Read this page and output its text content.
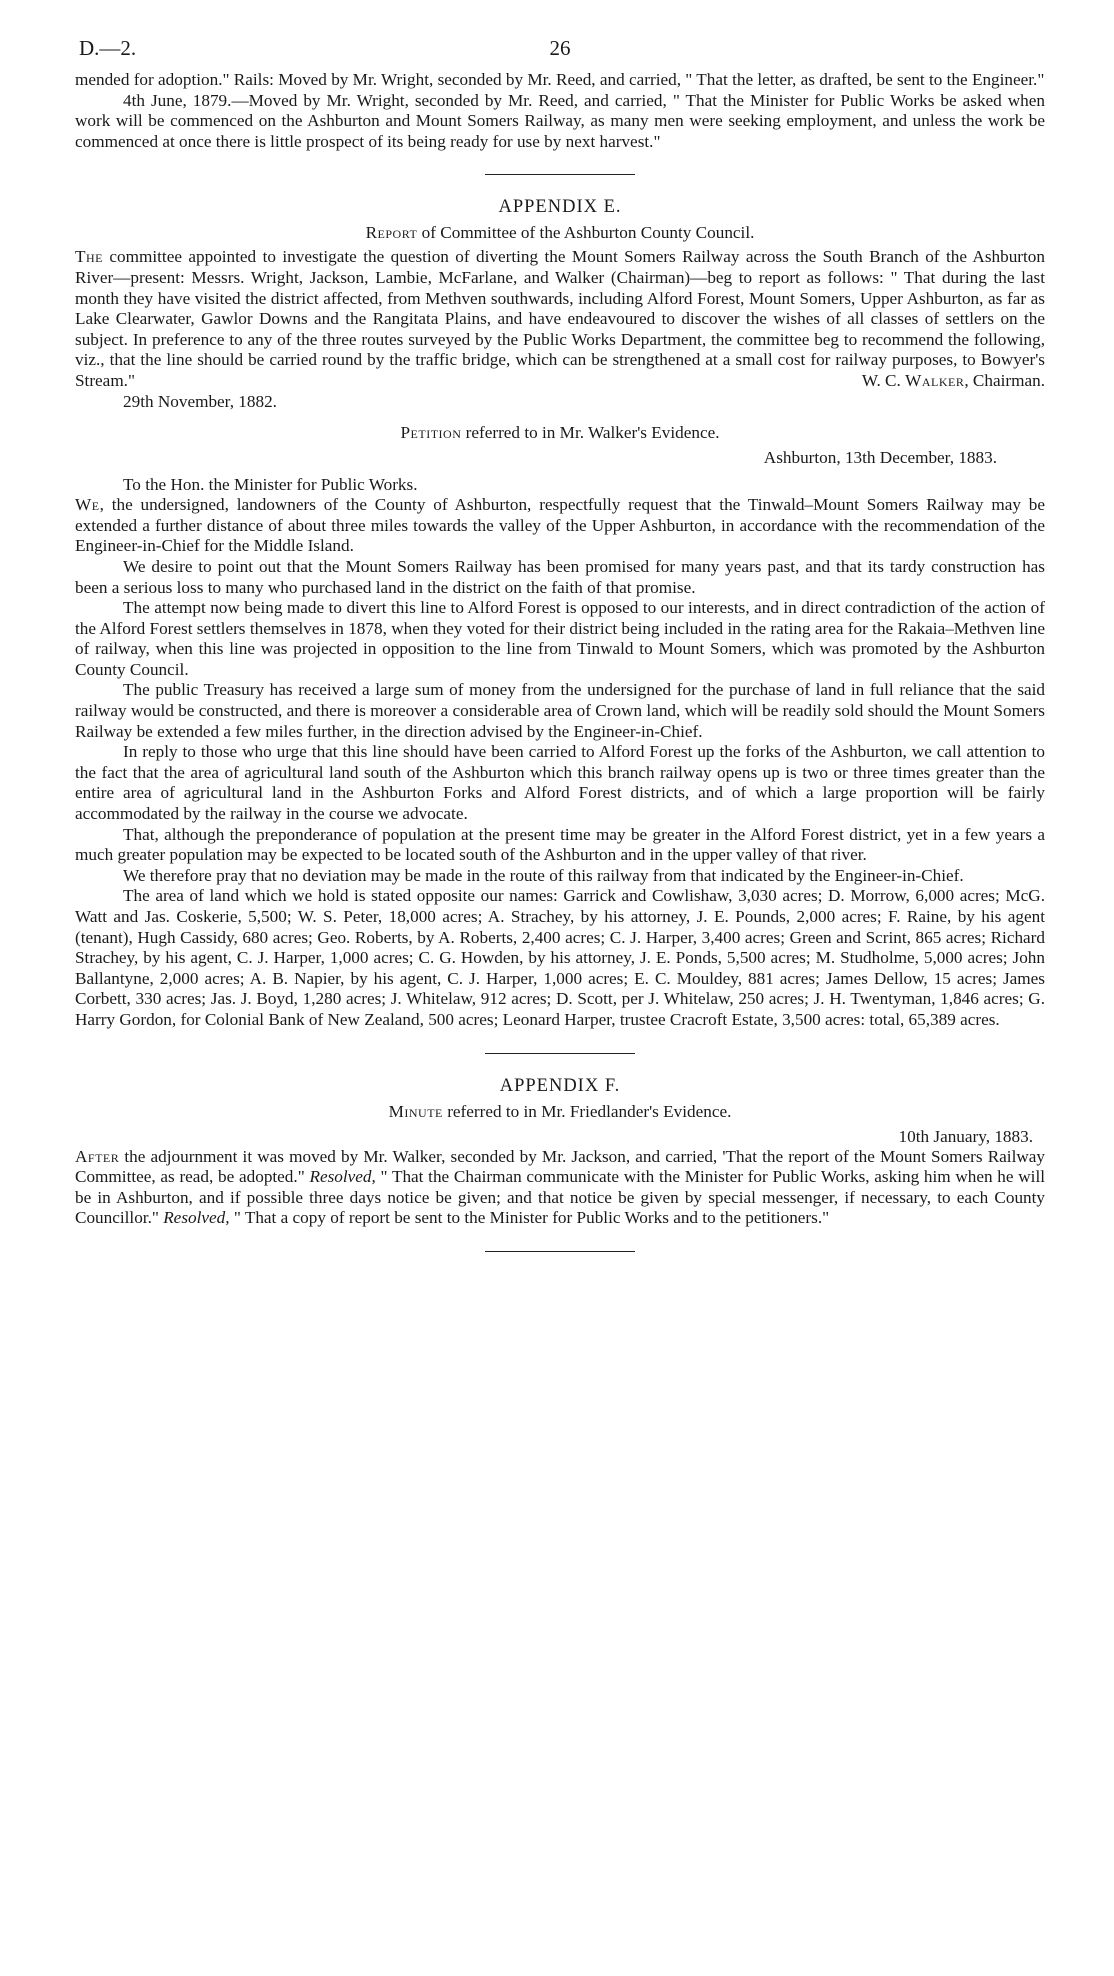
D.—2.	26

mended for adoption." Rails: Moved by Mr. Wright, seconded by Mr. Reed, and carried, " That the letter, as drafted, be sent to the Engineer."

4th June, 1879.—Moved by Mr. Wright, seconded by Mr. Reed, and carried, " That the Minister for Public Works be asked when work will be commenced on the Ashburton and Mount Somers Railway, as many men were seeking employment, and unless the work be commenced at once there is little prospect of its being ready for use by next harvest."

APPENDIX E.
Report of Committee of the Ashburton County Council.

The committee appointed to investigate the question of diverting the Mount Somers Railway across the South Branch of the Ashburton River—present: Messrs. Wright, Jackson, Lambie, McFarlane, and Walker (Chairman)—beg to report as follows: " That during the last month they have visited the district affected, from Methven southwards, including Alford Forest, Mount Somers, Upper Ashburton, as far as Lake Clearwater, Gawlor Downs and the Rangitata Plains, and have endeavoured to discover the wishes of all classes of settlers on the subject. In preference to any of the three routes surveyed by the Public Works Department, the committee beg to recommend the following, viz., that the line should be carried round by the traffic bridge, which can be strengthened at a small cost for railway purposes, to Bowyer's Stream."	W. C. Walker, Chairman.

29th November, 1882.
Petition referred to in Mr. Walker's Evidence.
Ashburton, 13th December, 1883.
To the Hon. the Minister for Public Works.

We, the undersigned, landowners of the County of Ashburton, respectfully request that the Tinwald–Mount Somers Railway may be extended a further distance of about three miles towards the valley of the Upper Ashburton, in accordance with the recommendation of the Engineer-in-Chief for the Middle Island.

We desire to point out that the Mount Somers Railway has been promised for many years past, and that its tardy construction has been a serious loss to many who purchased land in the district on the faith of that promise.

The attempt now being made to divert this line to Alford Forest is opposed to our interests, and in direct contradiction of the action of the Alford Forest settlers themselves in 1878, when they voted for their district being included in the rating area for the Rakaia–Methven line of railway, when this line was projected in opposition to the line from Tinwald to Mount Somers, which was promoted by the Ashburton County Council.

The public Treasury has received a large sum of money from the undersigned for the purchase of land in full reliance that the said railway would be constructed, and there is moreover a considerable area of Crown land, which will be readily sold should the Mount Somers Railway be extended a few miles further, in the direction advised by the Engineer-in-Chief.

In reply to those who urge that this line should have been carried to Alford Forest up the forks of the Ashburton, we call attention to the fact that the area of agricultural land south of the Ashburton which this branch railway opens up is two or three times greater than the entire area of agricultural land in the Ashburton Forks and Alford Forest districts, and of which a large proportion will be fairly accommodated by the railway in the course we advocate.

That, although the preponderance of population at the present time may be greater in the Alford Forest district, yet in a few years a much greater population may be expected to be located south of the Ashburton and in the upper valley of that river.

We therefore pray that no deviation may be made in the route of this railway from that indicated by the Engineer-in-Chief.

The area of land which we hold is stated opposite our names: Garrick and Cowlishaw, 3,030 acres; D. Morrow, 6,000 acres; McG. Watt and Jas. Coskerie, 5,500; W. S. Peter, 18,000 acres; A. Strachey, by his attorney, J. E. Pounds, 2,000 acres; F. Raine, by his agent (tenant), Hugh Cassidy, 680 acres; Geo. Roberts, by A. Roberts, 2,400 acres; C. J. Harper, 3,400 acres; Green and Scrint, 865 acres; Richard Strachey, by his agent, C. J. Harper, 1,000 acres; C. G. Howden, by his attorney, J. E. Ponds, 5,500 acres; M. Studholme, 5,000 acres; John Ballantyne, 2,000 acres; A. B. Napier, by his agent, C. J. Harper, 1,000 acres; E. C. Mouldey, 881 acres; James Dellow, 15 acres; James Corbett, 330 acres; Jas. J. Boyd, 1,280 acres; J. Whitelaw, 912 acres; D. Scott, per J. Whitelaw, 250 acres; J. H. Twentyman, 1,846 acres; G. Harry Gordon, for Colonial Bank of New Zealand, 500 acres; Leonard Harper, trustee Cracroft Estate, 3,500 acres: total, 65,389 acres.

APPENDIX F.
Minute referred to in Mr. Friedlander's Evidence.
10th January, 1883.

After the adjournment it was moved by Mr. Walker, seconded by Mr. Jackson, and carried, 'That the report of the Mount Somers Railway Committee, as read, be adopted." Resolved, " That the Chairman communicate with the Minister for Public Works, asking him when he will be in Ashburton, and if possible three days notice be given; and that notice be given by special messenger, if necessary, to each County Councillor." Resolved, " That a copy of report be sent to the Minister for Public Works and to the petitioners."
